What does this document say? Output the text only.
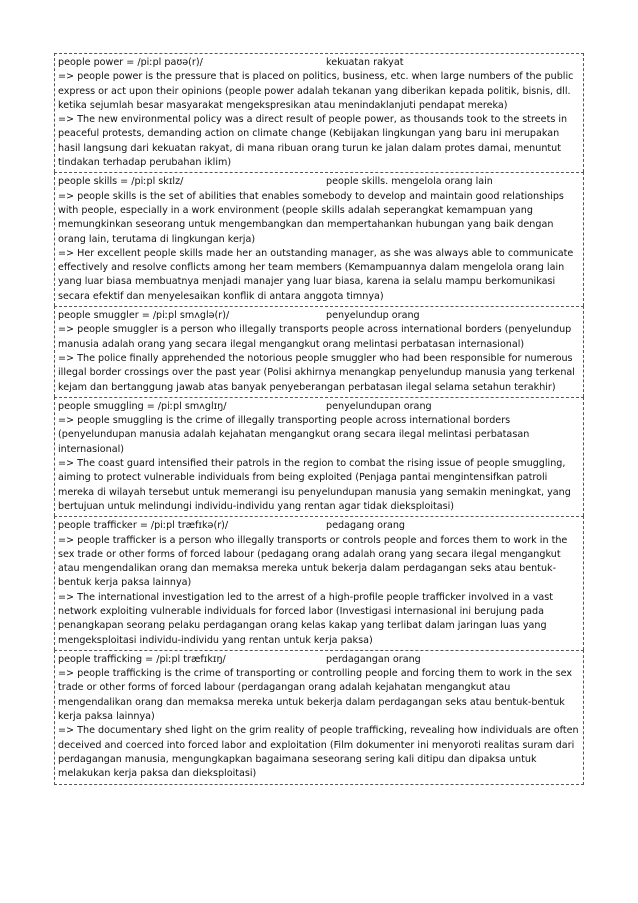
people power = /piːpl paʊə(r)/	kekuatan rakyat

=> people power is the pressure that is placed on politics, business, etc. when large numbers of the public express or act upon their opinions (people power adalah tekanan yang diberikan kepada politik, bisnis, dll. ketika sejumlah besar masyarakat mengekspresikan atau menindaklanjuti pendapat mereka)

=> The new environmental policy was a direct result of people power, as thousands took to the streets in peaceful protests, demanding action on climate change (Kebijakan lingkungan yang baru ini merupakan hasil langsung dari kekuatan rakyat, di mana ribuan orang turun ke jalan dalam protes damai, menuntut tindakan terhadap perubahan iklim)

people skills = /piːpl skɪlz/	people skills. mengelola orang lain

=> people skills is the set of abilities that enables somebody to develop and maintain good relationships with people, especially in a work environment (people skills adalah seperangkat kemampuan yang memungkinkan seseorang untuk mengembangkan dan mempertahankan hubungan yang baik dengan orang lain, terutama di lingkungan kerja)

=> Her excellent people skills made her an outstanding manager, as she was always able to communicate effectively and resolve conflicts among her team members (Kemampuannya dalam mengelola orang lain yang luar biasa membuatnya menjadi manajer yang luar biasa, karena ia selalu mampu berkomunikasi secara efektif dan menyelesaikan konflik di antara anggota timnya)

people smuggler = /piːpl smʌglə(r)/	penyelundup orang

=> people smuggler is a person who illegally transports people across international borders (penyelundup manusia adalah orang yang secara ilegal mengangkut orang melintasi perbatasan internasional)

=> The police finally apprehended the notorious people smuggler who had been responsible for numerous illegal border crossings over the past year (Polisi akhirnya menangkap penyelundup manusia yang terkenal kejam dan bertanggung jawab atas banyak penyeberangan perbatasan ilegal selama setahun terakhir)

people smuggling = /piːpl smʌglɪŋ/	penyelundupan orang

=> people smuggling is the crime of illegally transporting people across international borders (penyelundupan manusia adalah kejahatan mengangkut orang secara ilegal melintasi perbatasan internasional)

=> The coast guard intensified their patrols in the region to combat the rising issue of people smuggling, aiming to protect vulnerable individuals from being exploited (Penjaga pantai mengintensifkan patroli mereka di wilayah tersebut untuk memerangi isu penyelundupan manusia yang semakin meningkat, yang bertujuan untuk melindungi individu-individu yang rentan agar tidak dieksploitasi)

people trafficker = /piːpl træfɪkə(r)/	pedagang orang

=> people trafficker is a person who illegally transports or controls people and forces them to work in the sex trade or other forms of forced labour (pedagang orang adalah orang yang secara ilegal mengangkut atau mengendalikan orang dan memaksa mereka untuk bekerja dalam perdagangan seks atau bentuk-bentuk kerja paksa lainnya)

=> The international investigation led to the arrest of a high-profile people trafficker involved in a vast network exploiting vulnerable individuals for forced labor (Investigasi internasional ini berujung pada penangkapan seorang pelaku perdagangan orang kelas kakap yang terlibat dalam jaringan luas yang mengeksploitasi individu-individu yang rentan untuk kerja paksa)

people trafficking = /piːpl træfɪkɪŋ/	perdagangan orang

=> people trafficking is the crime of transporting or controlling people and forcing them to work in the sex trade or other forms of forced labour (perdagangan orang adalah kejahatan mengangkut atau mengendalikan orang dan memaksa mereka untuk bekerja dalam perdagangan seks atau bentuk-bentuk kerja paksa lainnya)

=> The documentary shed light on the grim reality of people trafficking, revealing how individuals are often deceived and coerced into forced labor and exploitation (Film dokumenter ini menyoroti realitas suram dari perdagangan manusia, mengungkapkan bagaimana seseorang sering kali ditipu dan dipaksa untuk melakukan kerja paksa dan dieksploitasi)
